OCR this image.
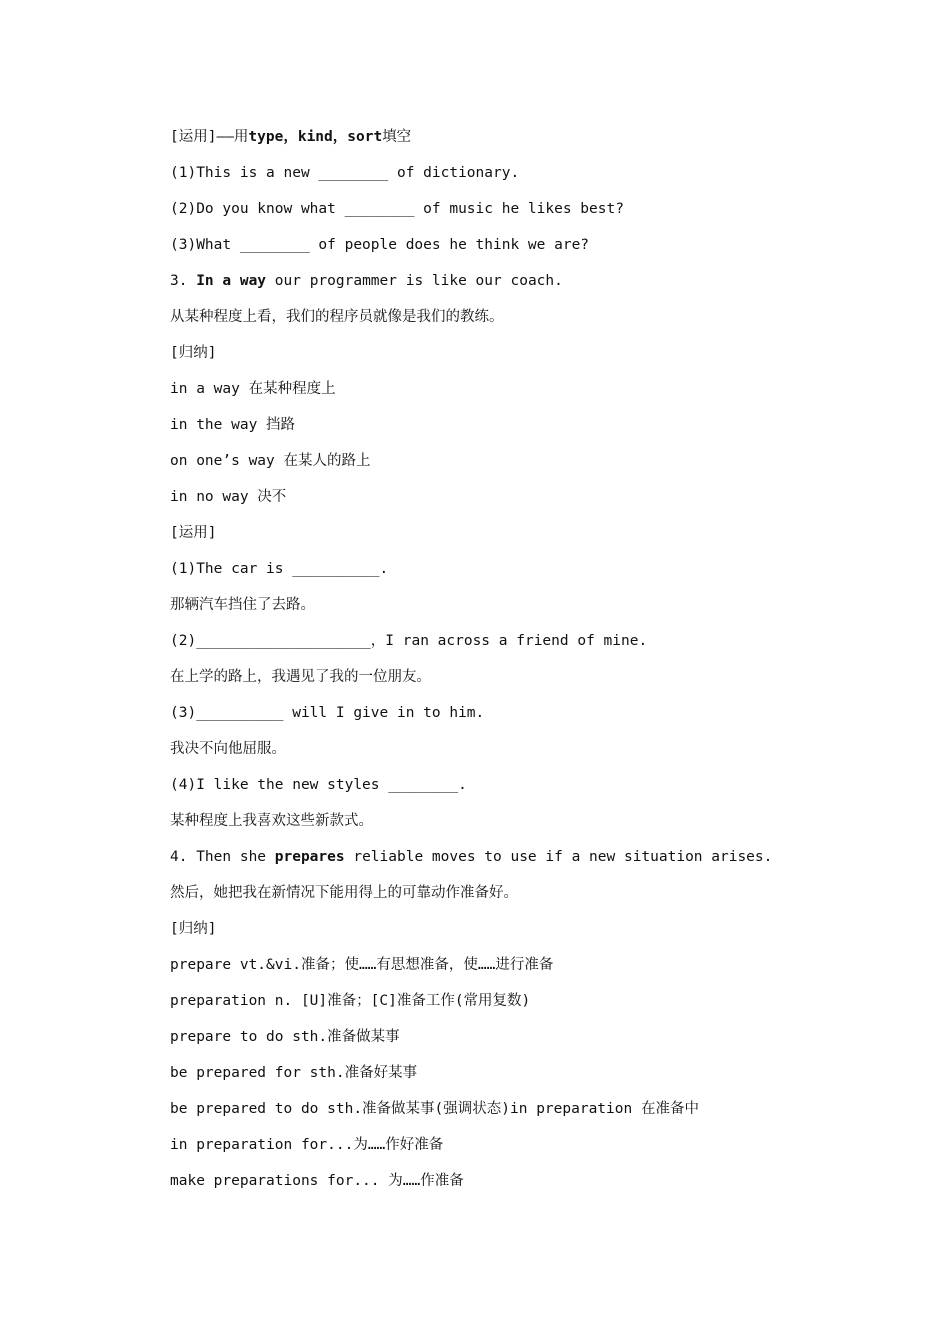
[运用]——用type，kind，sort填空
(1)This is a new ________ of dictionary.
(2)Do you know what ________ of music he likes best?
(3)What ________ of people does he think we are?
3. In a way our programmer is like our coach.
从某种程度上看，我们的程序员就像是我们的教练。
[归纳]
in a way 在某种程度上
in the way 挡路
on one’s way 在某人的路上
in no way 决不
[运用]
(1)The car is __________.
那辆汽车挡住了去路。
(2)____________________，I ran across a friend of mine.
在上学的路上，我遇见了我的一位朋友。
(3)__________ will I give in to him.
我决不向他屈服。
(4)I like the new styles ________.
某种程度上我喜欢这些新款式。
4. Then she prepares reliable moves to use if a new situation arises.
然后，她把我在新情况下能用得上的可靠动作准备好。
[归纳]
prepare vt.&vi.准备；使……有思想准备，使……进行准备
preparation n. [U]准备；[C]准备工作(常用复数)
prepare to do sth.准备做某事
be prepared for sth.准备好某事
be prepared to do sth.准备做某事(强调状态)in preparation 在准备中
in preparation for...为……作好准备
make preparations for... 为……作准备
